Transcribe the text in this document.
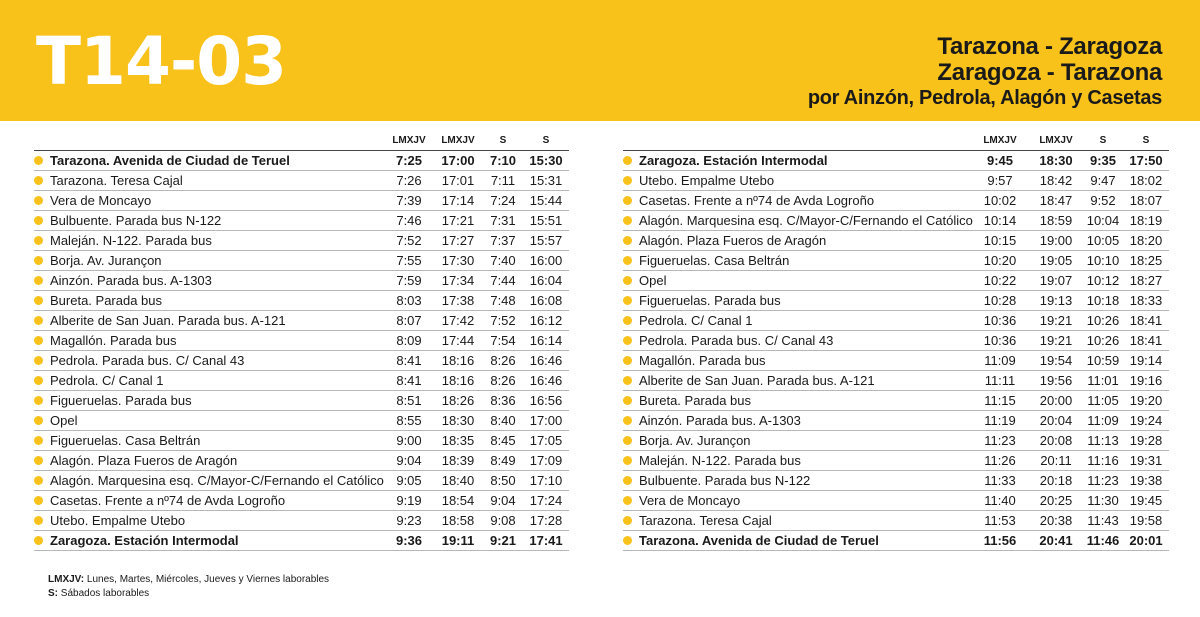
T14-03	Tarazona - Zaragoza
Zaragoza - Tarazona
por Ainzón, Pedrola, Alagón y Casetas
LMXJV	LMXJV	S	S
Tarazona. Avenida de Ciudad de Teruel	7:25	17:00	7:10	15:30
Tarazona. Teresa Cajal	7:26	17:01	7:11	15:31
Vera de Moncayo	7:39	17:14	7:24	15:44
Bulbuente. Parada bus N-122	7:46	17:21	7:31	15:51
Maleján. N-122. Parada bus	7:52	17:27	7:37	15:57
Borja. Av. Jurançon	7:55	17:30	7:40	16:00
Ainzón. Parada bus. A-1303	7:59	17:34	7:44	16:04
Bureta. Parada bus	8:03	17:38	7:48	16:08
Alberite de San Juan. Parada bus. A-121	8:07	17:42	7:52	16:12
Magallón. Parada bus	8:09	17:44	7:54	16:14
Pedrola. Parada bus. C/ Canal 43	8:41	18:16	8:26	16:46
Pedrola. C/ Canal 1	8:41	18:16	8:26	16:46
Figueruelas. Parada bus	8:51	18:26	8:36	16:56
Opel	8:55	18:30	8:40	17:00
Figueruelas. Casa Beltrán	9:00	18:35	8:45	17:05
Alagón. Plaza Fueros de Aragón	9:04	18:39	8:49	17:09
Alagón. Marquesina esq. C/Mayor-C/Fernando el Católico 9:05	18:40	8:50	17:10
Casetas. Frente a nº74 de Avda Logroño	9:19	18:54	9:04	17:24
Utebo. Empalme Utebo	9:23	18:58	9:08	17:28
Zaragoza. Estación Intermodal	9:36	19:11	9:21	17:41
LMXJV	LMXJV	S	S
Zaragoza. Estación Intermodal	9:45	18:30	9:35	17:50
Utebo. Empalme Utebo	9:57	18:42	9:47	18:02
Casetas. Frente a nº74 de Avda Logroño	10:02	18:47	9:52	18:07
Alagón. Marquesina esq. C/Mayor-C/Fernando el Católico 10:14	18:59	10:04 18:19
Alagón. Plaza Fueros de Aragón	10:15	19:00	10:05 18:20
Figueruelas. Casa Beltrán	10:20	19:05	10:10 18:25
Opel	10:22	19:07	10:12 18:27
Figueruelas. Parada bus	10:28	19:13	10:18 18:33
Pedrola. C/ Canal 1	10:36	19:21	10:26 18:41
Pedrola. Parada bus. C/ Canal 43	10:36	19:21	10:26 18:41
Magallón. Parada bus	11:09	19:54	10:59 19:14
Alberite de San Juan. Parada bus. A-121	11:11	19:56	11:01 19:16
Bureta. Parada bus	11:15	20:00	11:05 19:20
Ainzón. Parada bus. A-1303	11:19	20:04	11:09 19:24
Borja. Av. Jurançon	11:23	20:08	11:13 19:28
Maleján. N-122. Parada bus	11:26	20:11	11:16 19:31
Bulbuente. Parada bus N-122	11:33	20:18	11:23 19:38
Vera de Moncayo	11:40	20:25	11:30 19:45
Tarazona. Teresa Cajal	11:53	20:38	11:43 19:58
Tarazona. Avenida de Ciudad de Teruel	11:56	20:41	11:46 20:01
LMXJV: Lunes, Martes, Miércoles, Jueves y Viernes laborables
S: Sábados laborables
